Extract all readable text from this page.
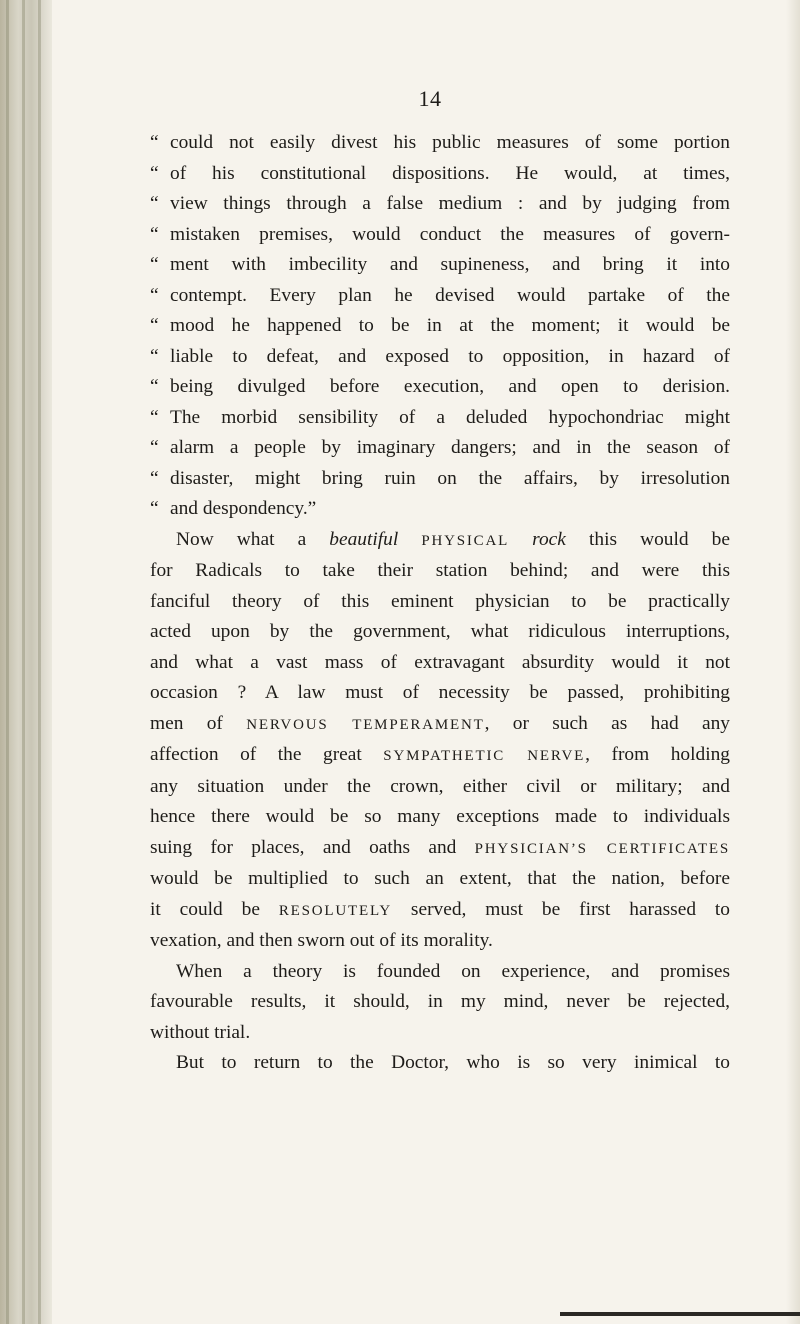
14
“ could not easily divest his public measures of some portion
“ of his constitutional dispositions. He would, at times,
“ view things through a false medium : and by judging from
“ mistaken premises, would conduct the measures of govern-
“ ment with imbecility and supineness, and bring it into
“ contempt. Every plan he devised would partake of the
“ mood he happened to be in at the moment; it would be
“ liable to defeat, and exposed to opposition, in hazard of
“ being divulged before execution, and open to derision.
“ The morbid sensibility of a deluded hypochondriac might
“ alarm a people by imaginary dangers; and in the season of
“ disaster, might bring ruin on the affairs, by irresolution
“ and despondency.”
Now what a beautiful PHYSICAL rock this would be
for Radicals to take their station behind; and were this
fanciful theory of this eminent physician to be practically
acted upon by the government, what ridiculous interruptions,
and what a vast mass of extravagant absurdity would it not
occasion ? A law must of necessity be passed, prohibiting
men of NERVOUS TEMPERAMENT, or such as had any
affection of the great SYMPATHETIC NERVE, from holding
any situation under the crown, either civil or military; and
hence there would be so many exceptions made to individuals
suing for places, and oaths and PHYSICIAN’S CERTIFICATES
would be multiplied to such an extent, that the nation, before
it could be RESOLUTELY served, must be first harassed to
vexation, and then sworn out of its morality.
When a theory is founded on experience, and promises
favourable results, it should, in my mind, never be rejected,
without trial.
But to return to the Doctor, who is so very inimical to
